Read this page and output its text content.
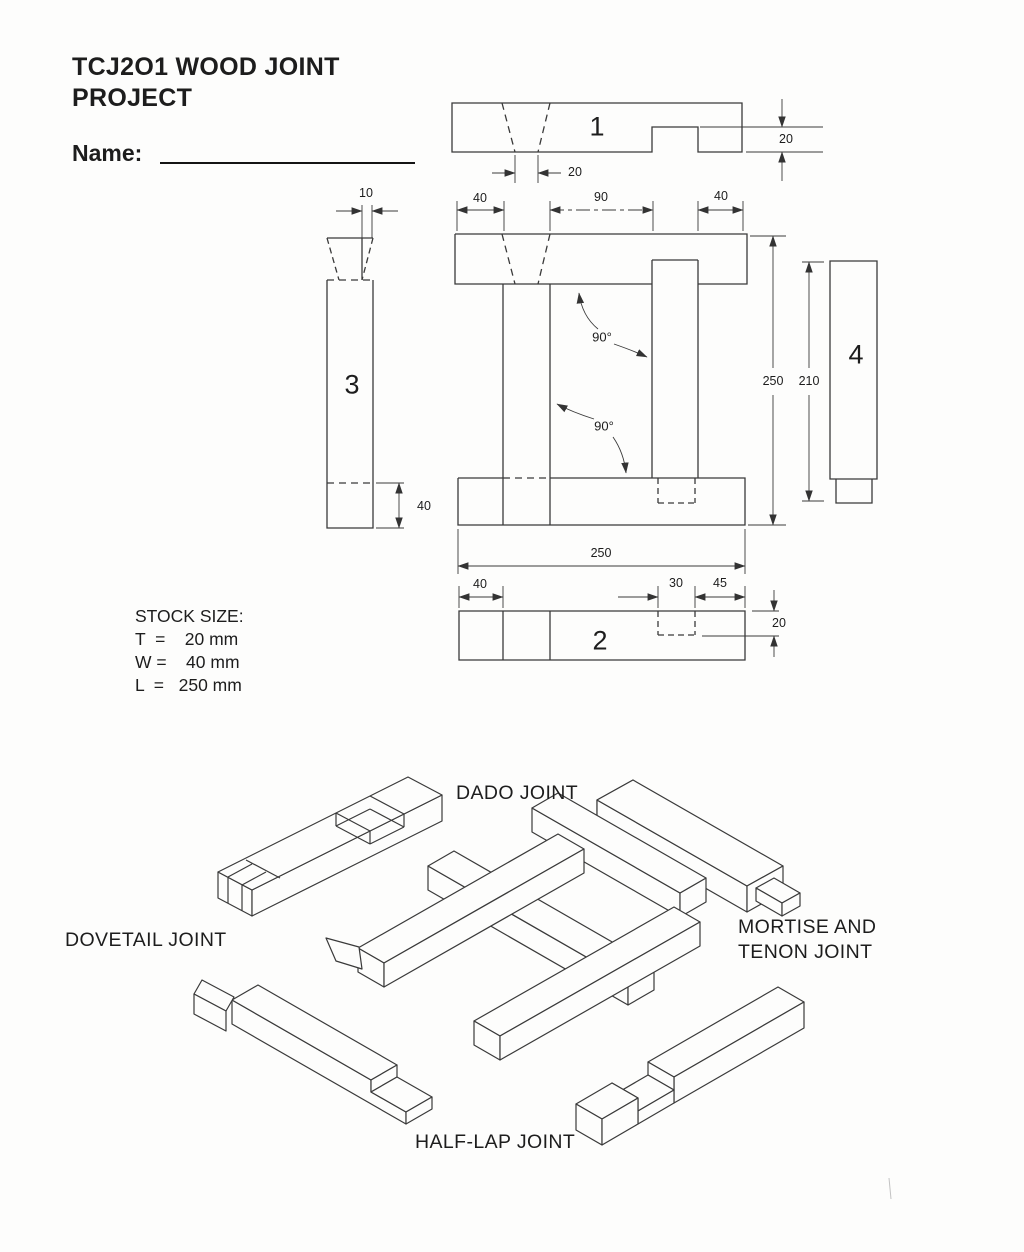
TCJ2O1 WOOD JOINT
PROJECT
Name:
1
3
4
2
20
20
10	40	90	40
250 210
250
40
40	30 45
20
90°
90°
STOCK SIZE:
T  =    20 mm
W =    40 mm
L  =   250 mm
DADO JOINT
DOVETAIL JOINT
MORTISE AND
TENON JOINT
HALF-LAP JOINT
